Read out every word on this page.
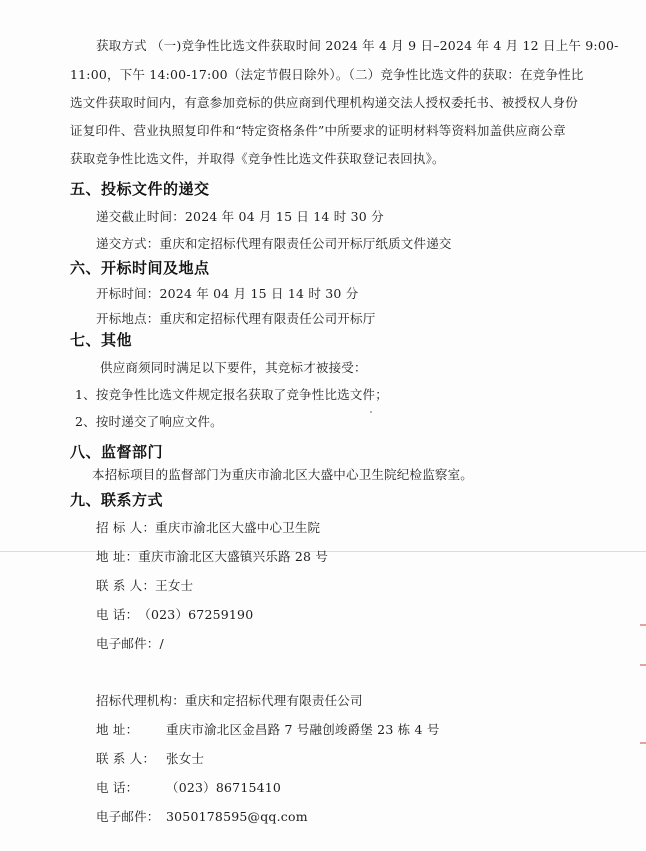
获取方式 （一)竞争性比选文件获取时间 2024 年 4 月 9 日–2024 年 4 月 12 日上午 9:00-
11:00，下午 14:00-17:00（法定节假日除外）。（二）竞争性比选文件的获取：在竞争性比
选文件获取时间内，有意参加竞标的供应商到代理机构递交法人授权委托书、被授权人身份
证复印件、营业执照复印件和“特定资格条件”中所要求的证明材料等资料加盖供应商公章
获取竞争性比选文件，并取得《竞争性比选文件获取登记表回执》。
五、投标文件的递交
递交截止时间：2024 年 04 月 15 日 14 时 30 分
递交方式：重庆和定招标代理有限责任公司开标厅纸质文件递交
六、开标时间及地点
开标时间：2024 年 04 月 15 日 14 时 30 分
开标地点：重庆和定招标代理有限责任公司开标厅
七、其他
供应商须同时满足以下要件，其竞标才被接受：
1、按竞争性比选文件规定报名获取了竞争性比选文件；
2、按时递交了响应文件。
八、监督部门
本招标项目的监督部门为重庆市渝北区大盛中心卫生院纪检监察室。
九、联系方式
招 标 人：重庆市渝北区大盛中心卫生院
地 址：重庆市渝北区大盛镇兴乐路 28 号
联 系 人：王女士
电 话：（023）67259190
电子邮件：/
招标代理机构：重庆和定招标代理有限责任公司
地 址： 重庆市渝北区金昌路 7 号融创竣爵堡 23 栋 4 号
联 系 人： 张女士
电 话： （023）86715410
电子邮件： 3050178595@qq.com
